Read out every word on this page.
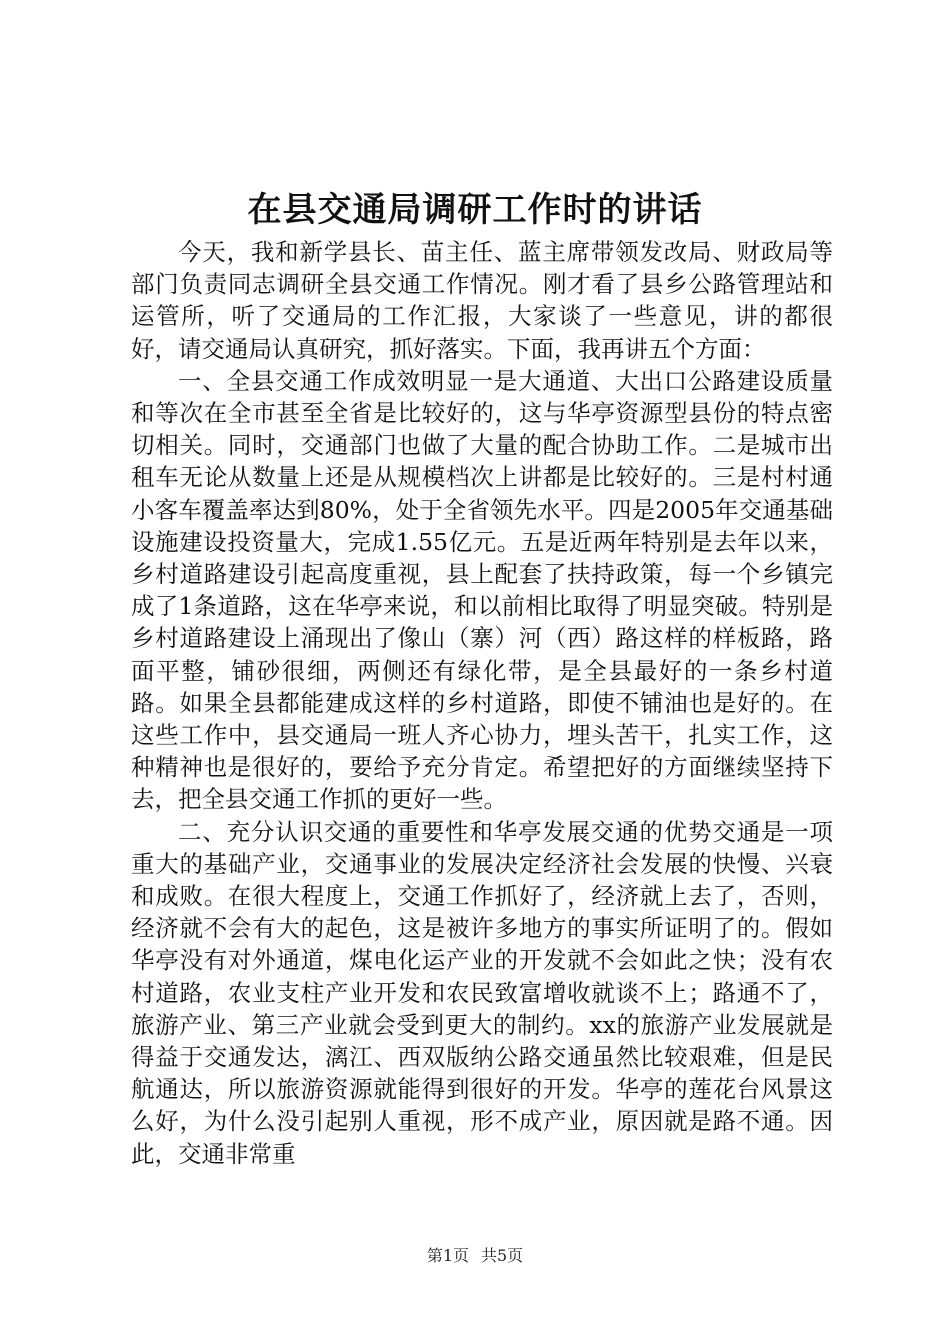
在县交通局调研工作时的讲话

今天，我和新学县长、苗主任、蓝主席带领发改局、财政局等部门负责同志调研全县交通工作情况。刚才看了县乡公路管理站和运管所，听了交通局的工作汇报，大家谈了一些意见，讲的都很好，请交通局认真研究，抓好落实。下面，我再讲五个方面：

一、全县交通工作成效明显一是大通道、大出口公路建设质量和等次在全市甚至全省是比较好的，这与华亭资源型县份的特点密切相关。同时，交通部门也做了大量的配合协助工作。二是城市出租车无论从数量上还是从规模档次上讲都是比较好的。三是村村通小客车覆盖率达到80%，处于全省领先水平。四是2005年交通基础设施建设投资量大，完成1.55亿元。五是近两年特别是去年以来，乡村道路建设引起高度重视，县上配套了扶持政策，每一个乡镇完成了1条道路，这在华亭来说，和以前相比取得了明显突破。特别是乡村道路建设上涌现出了像山（寨）河（西）路这样的样板路，路面平整，铺砂很细，两侧还有绿化带，是全县最好的一条乡村道路。如果全县都能建成这样的乡村道路，即使不铺油也是好的。在这些工作中，县交通局一班人齐心协力，埋头苦干，扎实工作，这种精神也是很好的，要给予充分肯定。希望把好的方面继续坚持下去，把全县交通工作抓的更好一些。

二、充分认识交通的重要性和华亭发展交通的优势交通是一项重大的基础产业，交通事业的发展决定经济社会发展的快慢、兴衰和成败。在很大程度上，交通工作抓好了，经济就上去了，否则，经济就不会有大的起色，这是被许多地方的事实所证明了的。假如华亭没有对外通道，煤电化运产业的开发就不会如此之快；没有农村道路，农业支柱产业开发和农民致富增收就谈不上；路通不了，旅游产业、第三产业就会受到更大的制约。xx的旅游产业发展就是得益于交通发达，漓江、西双版纳公路交通虽然比较艰难，但是民航通达，所以旅游资源就能得到很好的开发。华亭的莲花台风景这么好，为什么没引起别人重视，形不成产业，原因就是路不通。因此，交通非常重

第1页 共5页
